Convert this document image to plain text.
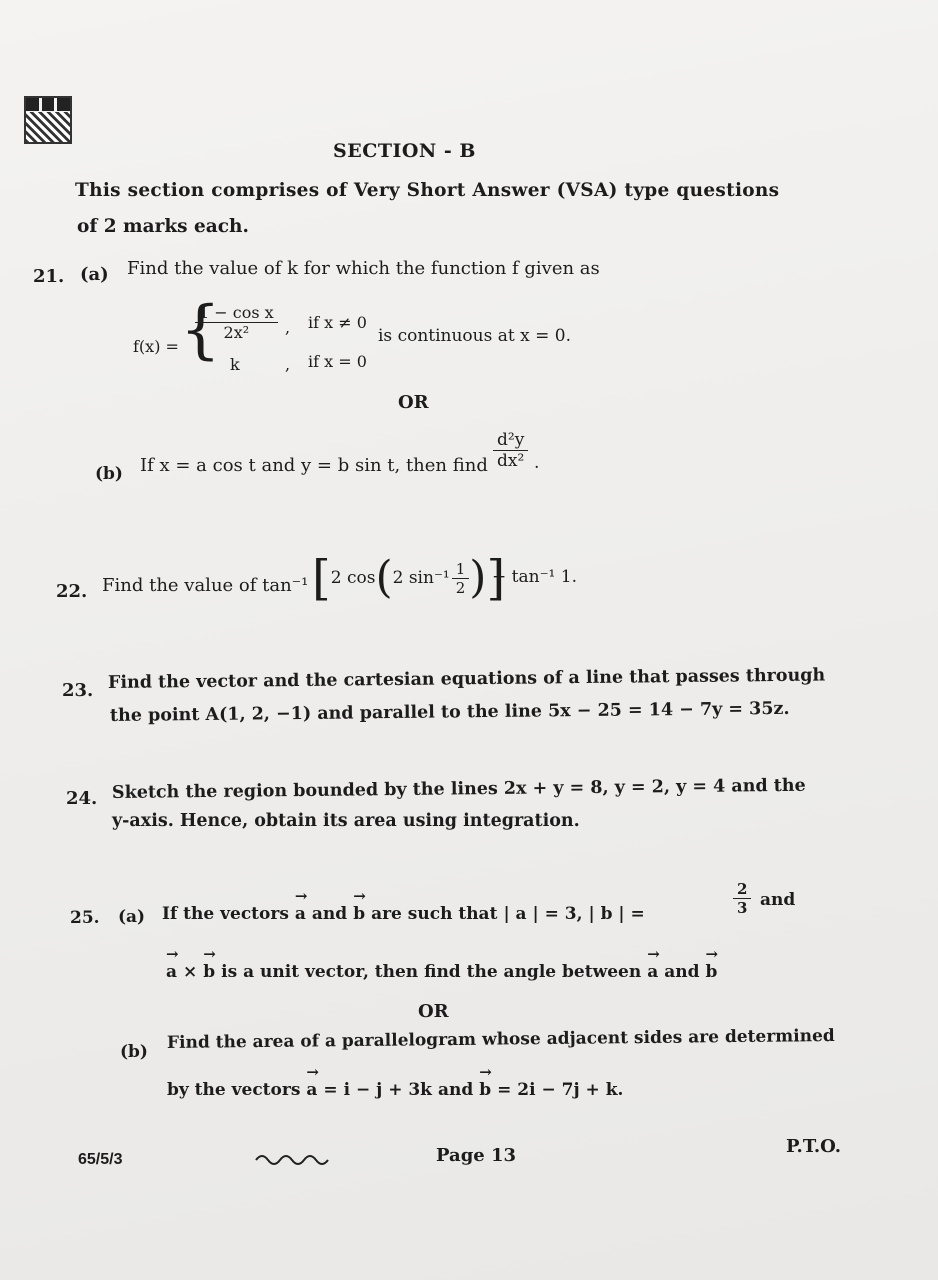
SECTION - B
This section comprises of Very Short Answer (VSA) type questions
of 2 marks each.
21. (a) Find the value of k for which the function f given as
f(x) = {
$\frac{\text{1 − cos x}}{\text{2x²}}$ , if x ≠ 0
k	, if x = 0
is continuous at x = 0.
OR
(b) If x = a cos t and y = b sin t, then find $\frac{\text{d²y}}{\text{dx²}}$ .
22. Find the value of tan⁻¹ [ 2 cos ( 2 $\sin^{-1} \frac{1}{2}$ ) ]
+ tan⁻¹ 1.
23. Find the vector and the cartesian equations of a line that passes through
the point A(1, 2, −1) and parallel to the line 5x − 25 = 14 − 7y = 35z.
24. Sketch the region bounded by the lines 2x + y = 8, y = 2, y = 4 and the
y-axis. Hence, obtain its area using integration.
25. (a) If the vectors → a and → b are such that | a | = 3, | b | =	$\frac{2}{3}$ and
→ a × → b is a unit vector, then find the angle between → a and → b
OR
(b) Find the area of a parallelogram whose adjacent sides are determined
by the vectors → a = i − j + 3k and → b = 2i − 7j + k.
65/5/3	Page 13	P.T.O.
